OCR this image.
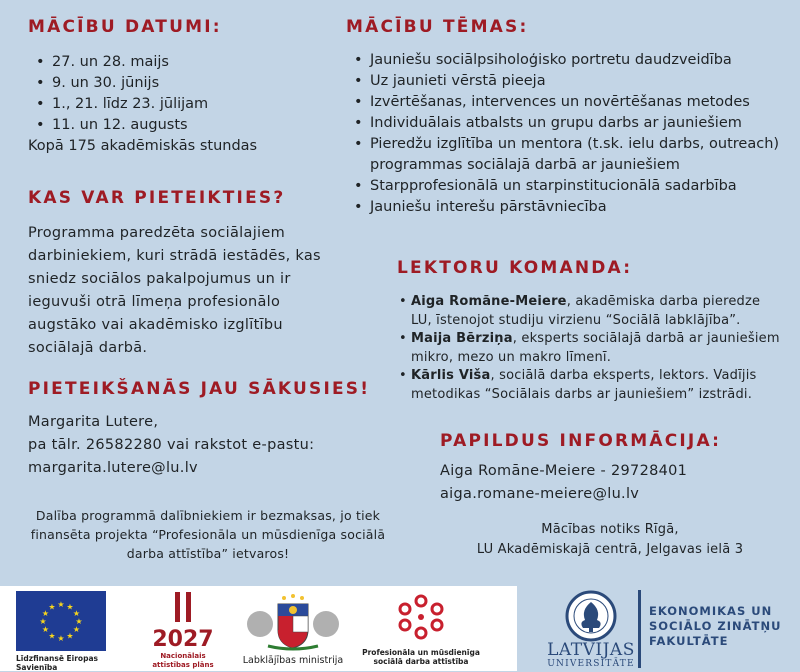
MĀCĪBU DATUMI:
• 27. un 28. maijs
• 9. un 30. jūnijs
• 1., 21. līdz 23. jūlijam
• 11. un 12. augusts
Kopā 175 akadēmiskās stundas
MĀCĪBU TĒMAS:
• Jauniešu sociālpsiholoģisko portretu daudzveidība
• Uz jaunieti vērstā pieeja
• Izvērtēšanas, intervences un novērtēšanas metodes
• Individuālais atbalsts un grupu darbs ar jauniešiem
• Pieredžu izglītība un mentora (t.sk. ielu darbs, outreach) programmas sociālajā darbā ar jauniešiem
• Starpprofesionālā un starpinstitucionālā sadarbība
• Jauniešu interešu pārstāvniecība
KAS VAR PIETEIKTIES?
Programma paredzēta sociālajiem darbiniekiem, kuri strādā iestādēs, kas sniedz sociālos pakalpojumus un ir ieguvuši otrā līmeņa profesionālo augstāko vai akadēmisko izglītību sociālajā darbā.
LEKTORU KOMANDA:
• Aiga Romāne-Meiere, akadēmiska darba pieredze LU, īstenojot studiju virzienu “Sociālā labklājība”.
• Maija Bērziņa, eksperts sociālajā darbā ar jauniešiem mikro, mezo un makro līmenī.
• Kārlis Viša, sociālā darba eksperts, lektors. Vadījis metodikas “Sociālais darbs ar jauniešiem” izstrādi.
PIETEIKŠANĀS JAU SĀKUSIES!
Margarita Lutere,
pa tālr. 26582280 vai rakstot e-pastu:
margarita.lutere@lu.lv
PAPILDUS INFORMĀCIJA:
Aiga Romāne-Meiere - 29728401
aiga.romane-meiere@lu.lv
Dalība programmā dalībniekiem ir bezmaksas, jo tiek finansēta projekta “Profesionāla un mūsdienīga sociālā darba attīstība” ietvaros!
Mācības notiks Rīgā,
LU Akadēmiskajā centrā, Jelgavas ielā 3
★ ★
★
★
★
★
★
★
★
★
★
★
Līdzfinansē Eiropas Savienība
2027
Nacionālais attīstības plāns	Labklājības ministrija
Profesionāla un mūsdienīga sociālā darba attīstība
LATVIJAS
UNIVERSITĀTE
EKONOMIKAS UN SOCIĀLO ZINĀTŅU FAKULTĀTE
